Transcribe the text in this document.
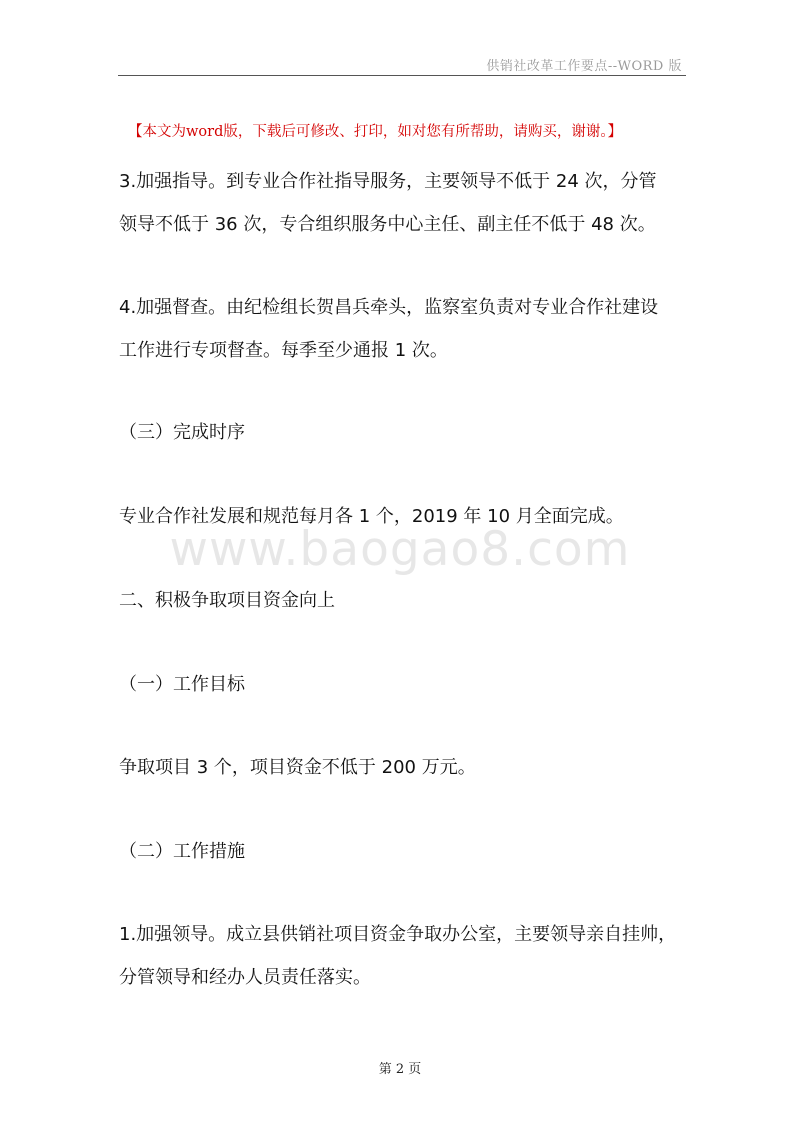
供销社改革工作要点--WORD 版
【本文为word版，下载后可修改、打印，如对您有所帮助，请购买，谢谢。】
3.加强指导。到专业合作社指导服务，主要领导不低于 24 次，分管
领导不低于 36 次，专合组织服务中心主任、副主任不低于 48 次。
4.加强督查。由纪检组长贺昌兵牵头，监察室负责对专业合作社建设
工作进行专项督查。每季至少通报 1 次。
（三）完成时序
专业合作社发展和规范每月各 1 个，2019 年 10 月全面完成。
www.baogao8.com
二、积极争取项目资金向上
（一）工作目标
争取项目 3 个，项目资金不低于 200 万元。
（二）工作措施
1.加强领导。成立县供销社项目资金争取办公室，主要领导亲自挂帅，
分管领导和经办人员责任落实。
第 2 页
